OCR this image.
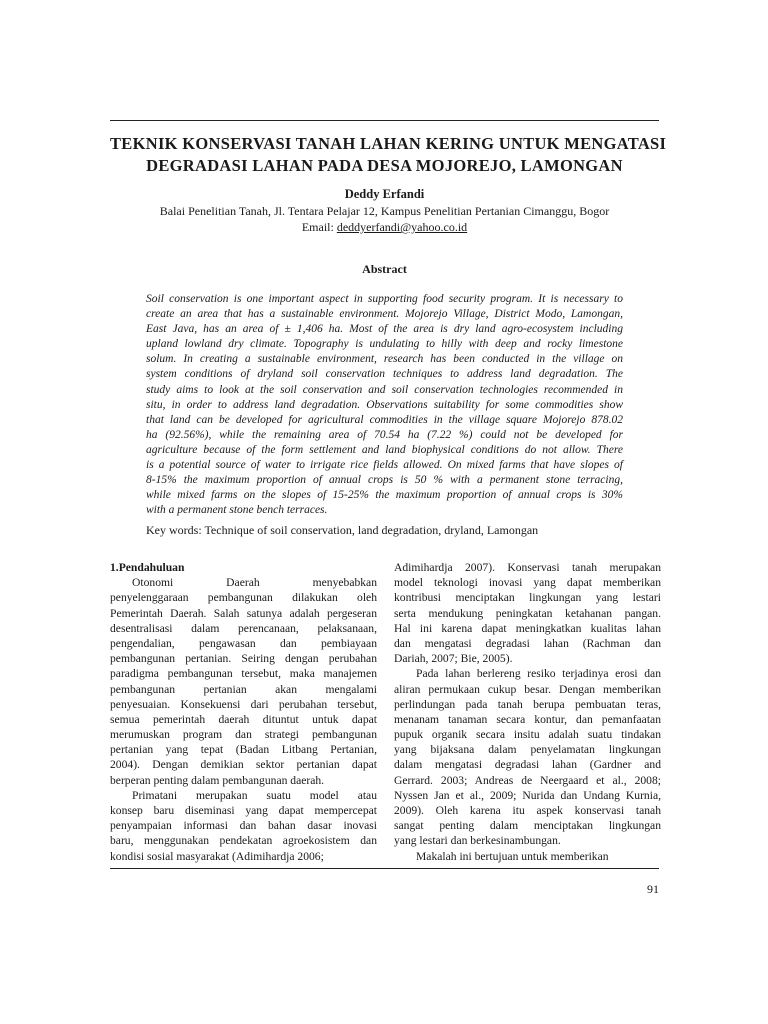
TEKNIK KONSERVASI TANAH LAHAN KERING UNTUK MENGATASI
DEGRADASI LAHAN PADA DESA MOJOREJO, LAMONGAN
Deddy Erfandi
Balai Penelitian Tanah, Jl. Tentara Pelajar 12, Kampus Penelitian Pertanian Cimanggu, Bogor
Email: deddyerfandi@yahoo.co.id
Abstract
Soil conservation is one important aspect in supporting food security program. It is necessary to
create an area that has a sustainable environment. Mojorejo Village, District Modo, Lamongan,
East Java, has an area of ± 1,406 ha. Most of the area is dry land agro-ecosystem including
upland lowland dry climate. Topography is undulating to hilly with deep and rocky limestone
solum. In creating a sustainable environment, research has been conducted in the village on
system conditions of dryland soil conservation techniques to address land degradation. The
study aims to look at the soil conservation and soil conservation technologies recommended in
situ, in order to address land degradation. Observations suitability for some commodities show
that land can be developed for agricultural commodities in the village square Mojorejo 878.02
ha (92.56%), while the remaining area of 70.54 ha (7.22 %) could not be developed for
agriculture because of the form settlement and land biophysical conditions do not allow. There
is a potential source of water to irrigate rice fields allowed. On mixed farms that have slopes of
8-15% the maximum proportion of annual crops is 50 % with a permanent stone terracing,
while mixed farms on the slopes of 15-25% the maximum proportion of annual crops is 30%
with a permanent stone bench terraces.
Key words: Technique of soil conservation, land degradation, dryland, Lamongan
1.Pendahuluan
Otonomi Daerah menyebabkan
penyelenggaraan pembangunan dilakukan oleh
Pemerintah Daerah. Salah satunya adalah pergeseran
desentralisasi dalam perencanaan, pelaksanaan,
pengendalian, pengawasan dan pembiayaan
pembangunan pertanian. Seiring dengan perubahan
paradigma pembangunan tersebut, maka manajemen
pembangunan pertanian akan mengalami
penyesuaian. Konsekuensi dari perubahan tersebut,
semua pemerintah daerah dituntut untuk dapat
merumuskan program dan strategi pembangunan
pertanian yang tepat (Badan Litbang Pertanian,
2004). Dengan demikian sektor pertanian dapat
berperan penting dalam pembangunan daerah.
Primatani merupakan suatu model atau
konsep baru diseminasi yang dapat mempercepat
penyampaian informasi dan bahan dasar inovasi
baru, menggunakan pendekatan agroekosistem dan
kondisi sosial masyarakat (Adimihardja 2006;
Adimihardja 2007). Konservasi tanah merupakan
model teknologi inovasi yang dapat memberikan
kontribusi menciptakan lingkungan yang lestari
serta mendukung peningkatan ketahanan pangan.
Hal ini karena dapat meningkatkan kualitas lahan
dan mengatasi degradasi lahan (Rachman dan
Dariah, 2007; Bie, 2005).
Pada lahan berlereng resiko terjadinya erosi dan
aliran permukaan cukup besar. Dengan memberikan
perlindungan pada tanah berupa pembuatan teras,
menanam tanaman secara kontur, dan pemanfaatan
pupuk organik secara insitu adalah suatu tindakan
yang bijaksana dalam penyelamatan lingkungan
dalam mengatasi degradasi lahan (Gardner and
Gerrard. 2003; Andreas de Neergaard et al., 2008;
Nyssen Jan et al., 2009; Nurida dan Undang Kurnia,
2009). Oleh karena itu aspek konservasi tanah
sangat penting dalam menciptakan lingkungan
yang lestari dan berkesinambungan.
Makalah ini bertujuan untuk memberikan
91
